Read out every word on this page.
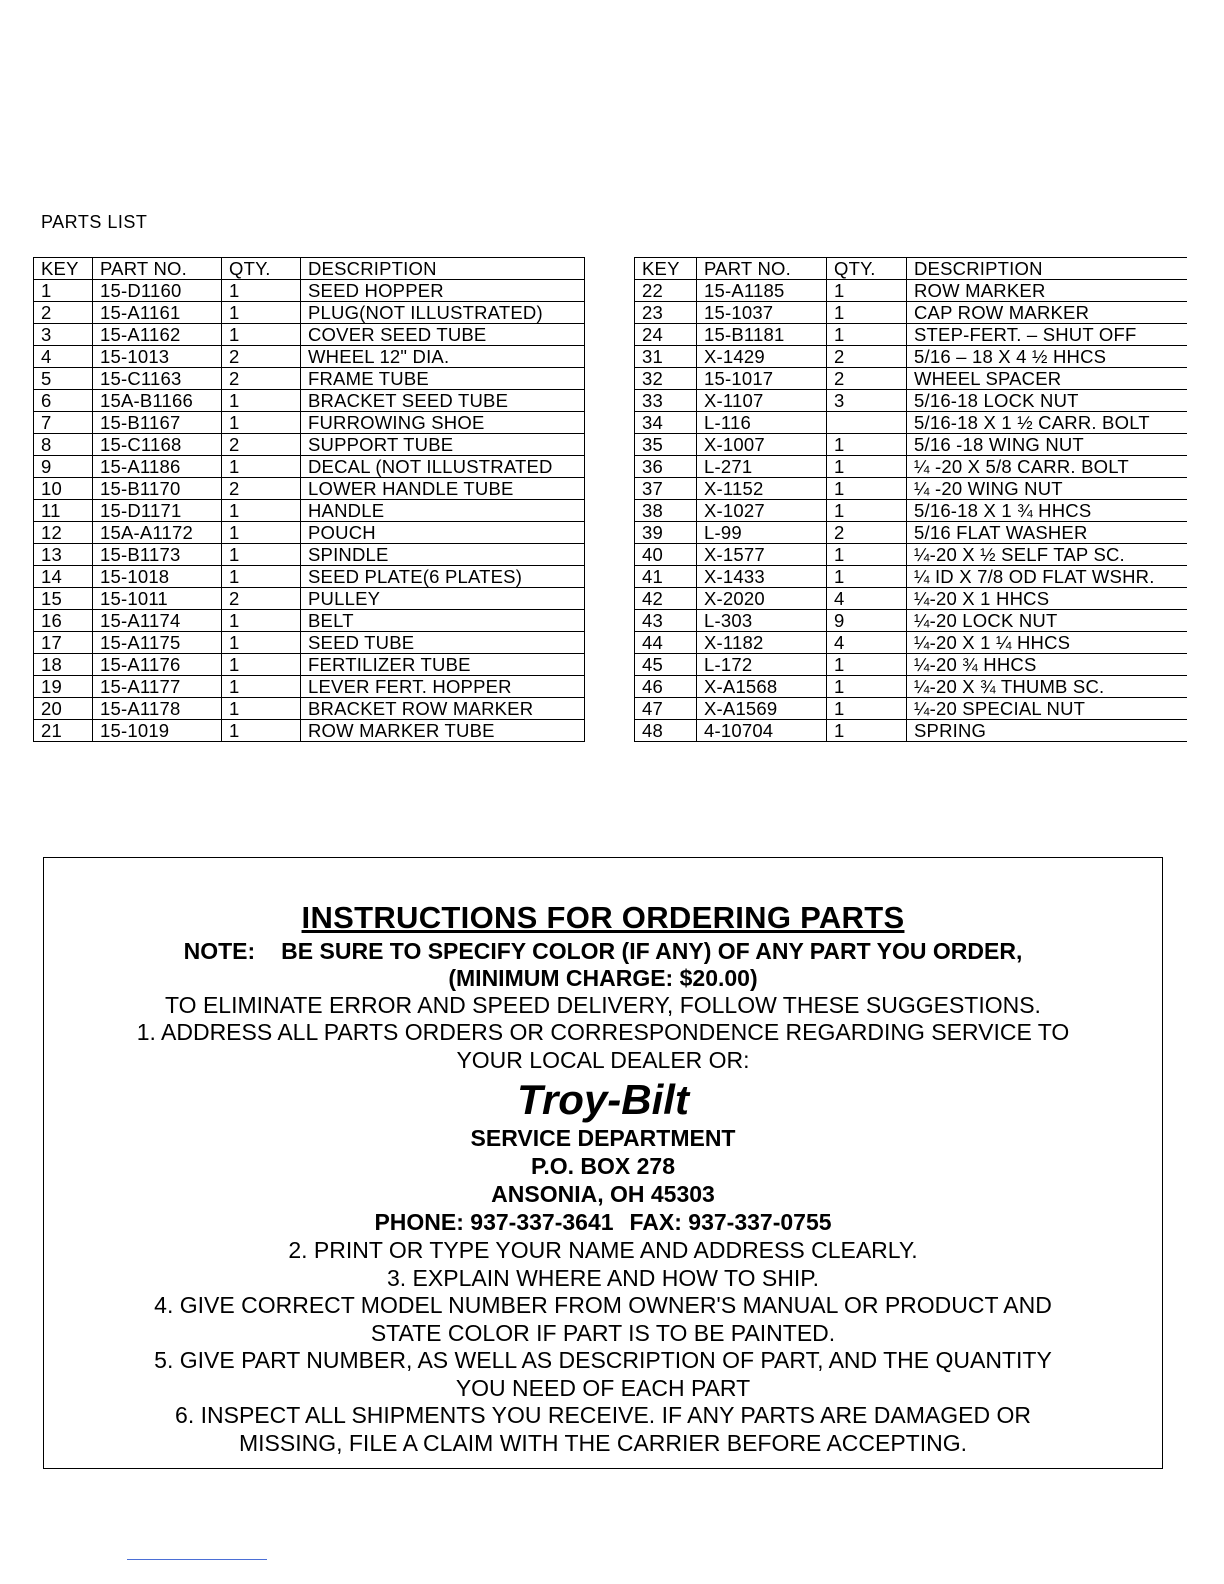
PARTS LIST
KEY	PART NO.	QTY.	DESCRIPTION
1	15-D1160	1	SEED HOPPER
2	15-A1161	1	PLUG(NOT ILLUSTRATED)
3	15-A1162	1	COVER SEED TUBE
4	15-1013	2	WHEEL 12" DIA.
5	15-C1163	2	FRAME TUBE
6	15A-B1166	1	BRACKET SEED TUBE
7	15-B1167	1	FURROWING SHOE
8	15-C1168	2	SUPPORT TUBE
9	15-A1186	1	DECAL (NOT ILLUSTRATED
10	15-B1170	2	LOWER HANDLE TUBE
11	15-D1171	1	HANDLE
12	15A-A1172	1	POUCH
13	15-B1173	1	SPINDLE
14	15-1018	1	SEED PLATE(6 PLATES)
15	15-1011	2	PULLEY
16	15-A1174	1	BELT
17	15-A1175	1	SEED TUBE
18	15-A1176	1	FERTILIZER TUBE
19	15-A1177	1	LEVER FERT. HOPPER
20	15-A1178	1	BRACKET ROW MARKER
21	15-1019	1	ROW MARKER TUBE
KEY	PART NO.	QTY.	DESCRIPTION
22	15-A1185	1	ROW MARKER
23	15-1037	1	CAP ROW MARKER
24	15-B1181	1	STEP-FERT. – SHUT OFF
31	X-1429	2	5/16 – 18 X 4 ½ HHCS
32	15-1017	2	WHEEL SPACER
33	X-1107	3	5/16-18 LOCK NUT
34	L-116		5/16-18 X 1 ½ CARR. BOLT
35	X-1007	1	5/16 -18 WING NUT
36	L-271	1	¼ -20 X 5/8 CARR. BOLT
37	X-1152	1	¼ -20 WING NUT
38	X-1027	1	5/16-18 X 1 ¾ HHCS
39	L-99	2	5/16 FLAT WASHER
40	X-1577	1	¼-20 X ½ SELF TAP SC.
41	X-1433	1	¼ ID X 7/8 OD FLAT WSHR.
42	X-2020	4	¼-20 X 1 HHCS
43	L-303	9	¼-20 LOCK NUT
44	X-1182	4	¼-20 X 1 ¼ HHCS
45	L-172	1	¼-20 ¾ HHCS
46	X-A1568	1	¼-20 X ¾ THUMB SC.
47	X-A1569	1	¼-20 SPECIAL NUT
48	4-10704	1	SPRING
INSTRUCTIONS FOR ORDERING PARTS
NOTE: BE SURE TO SPECIFY COLOR (IF ANY) OF ANY PART YOU ORDER,
(MINIMUM CHARGE: $20.00)
TO ELIMINATE ERROR AND SPEED DELIVERY, FOLLOW THESE SUGGESTIONS.
1. ADDRESS ALL PARTS ORDERS OR CORRESPONDENCE REGARDING SERVICE TO
YOUR LOCAL DEALER OR:
Troy-Bilt
SERVICE DEPARTMENT
P.O. BOX 278
ANSONIA, OH 45303
PHONE: 937-337-3641 FAX: 937-337-0755
2. PRINT OR TYPE YOUR NAME AND ADDRESS CLEARLY.
3. EXPLAIN WHERE AND HOW TO SHIP.
4. GIVE CORRECT MODEL NUMBER FROM OWNER'S MANUAL OR PRODUCT AND
STATE COLOR IF PART IS TO BE PAINTED.
5. GIVE PART NUMBER, AS WELL AS DESCRIPTION OF PART, AND THE QUANTITY
YOU NEED OF EACH PART
6. INSPECT ALL SHIPMENTS YOU RECEIVE. IF ANY PARTS ARE DAMAGED OR
MISSING, FILE A CLAIM WITH THE CARRIER BEFORE ACCEPTING.
